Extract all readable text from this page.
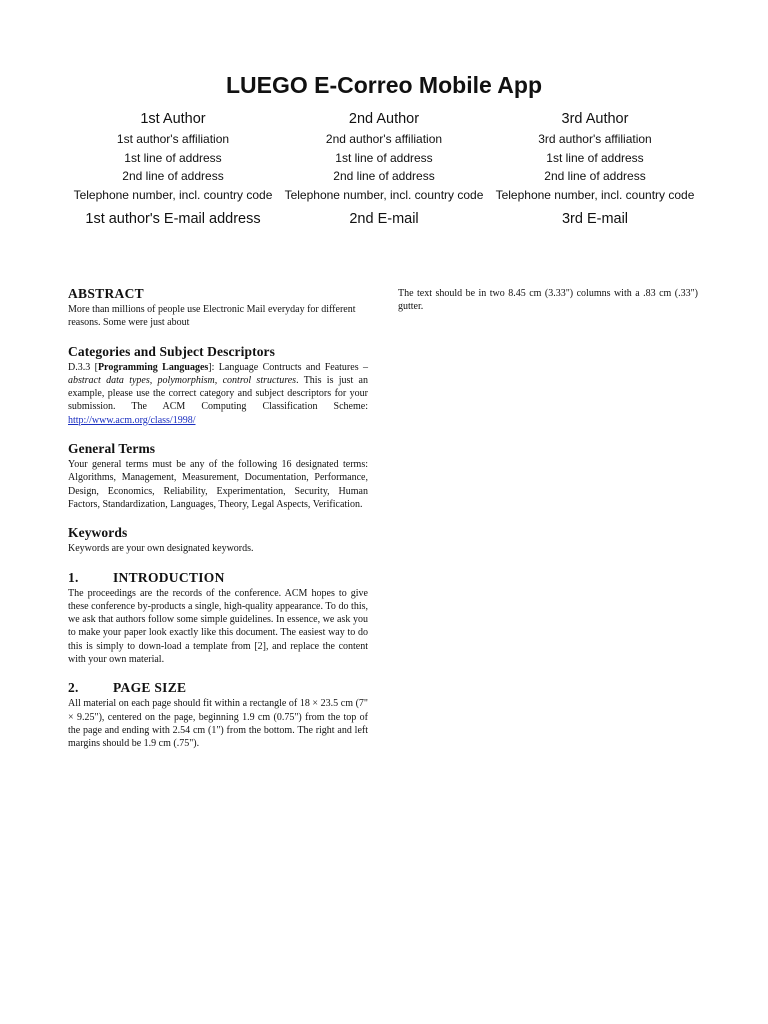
LUEGO E-Correo Mobile App
1st Author
1st author's affiliation
1st line of address
2nd line of address
Telephone number, incl. country code
1st author's E-mail address
2nd Author
2nd author's affiliation
1st line of address
2nd line of address
Telephone number, incl. country code
2nd E-mail
3rd Author
3rd author's affiliation
1st line of address
2nd line of address
Telephone number, incl. country code
3rd E-mail
ABSTRACT

More than millions of people use Electronic Mail everyday for different reasons. Some were just about

Categories and Subject Descriptors

D.3.3 [Programming Languages]: Language Contructs and Features – abstract data types, polymorphism, control structures. This is just an example, please use the correct category and subject descriptors for your submission. The ACM Computing Classification Scheme: http://www.acm.org/class/1998/

General Terms

Your general terms must be any of the following 16 designated terms: Algorithms, Management, Measurement, Documentation, Performance, Design, Economics, Reliability, Experimentation, Security, Human Factors, Standardization, Languages, Theory, Legal Aspects, Verification.

Keywords

Keywords are your own designated keywords.

1.	INTRODUCTION

The proceedings are the records of the conference. ACM hopes to give these conference by-products a single, high-quality appearance. To do this, we ask that authors follow some simple guidelines. In essence, we ask you to make your paper look exactly like this document. The easiest way to do this is simply to down-load a template from [2], and replace the content with your own material.

2.	PAGE SIZE

All material on each page should fit within a rectangle of 18 × 23.5 cm (7" × 9.25"), centered on the page, beginning 1.9 cm (0.75") from the top of the page and ending with 2.54 cm (1") from the bottom. The right and left margins should be 1.9 cm (.75").

The text should be in two 8.45 cm (3.33") columns with a .83 cm (.33") gutter.
